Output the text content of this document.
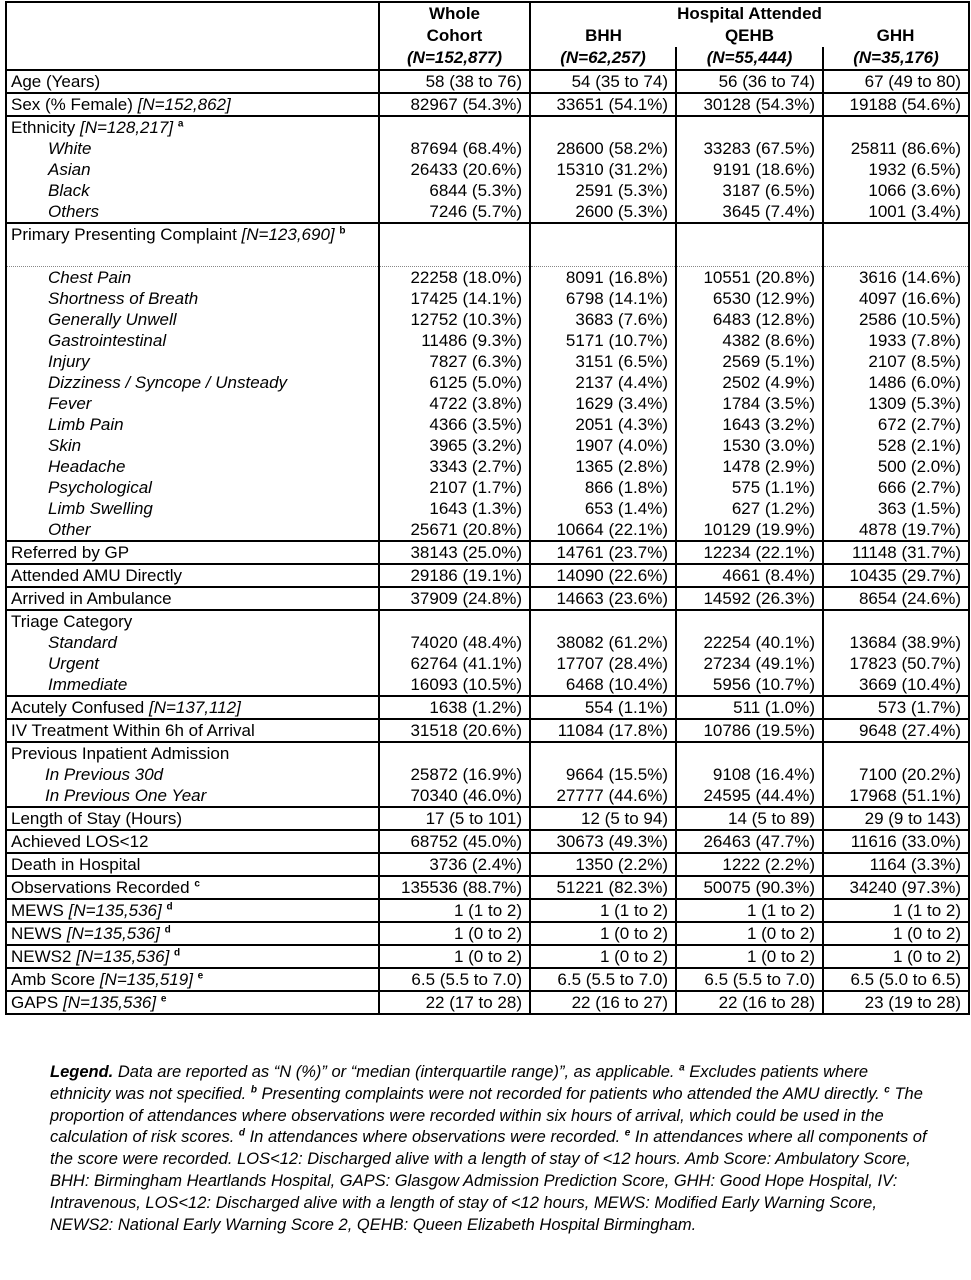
	Whole	Hospital Attended		
	Cohort	BHH	QEHB	GHH
	(N=152,877)	(N=62,257)	(N=55,444)	(N=35,176)
Age (Years)	58 (38 to 76)	54 (35 to 74)	56 (36 to 74)	67 (49 to 80)
Sex (% Female) [N=152,862]	82967 (54.3%)	33651 (54.1%)	30128 (54.3%)	19188 (54.6%)
Ethnicity [N=128,217] $^a$				
White	87694 (68.4%)	28600 (58.2%)	33283 (67.5%)	25811 (86.6%)
Asian	26433 (20.6%)	15310 (31.2%)	9191 (18.6%)	1932 (6.5%)
Black	6844 (5.3%)	2591 (5.3%)	3187 (6.5%)	1066 (3.6%)
Others	7246 (5.7%)	2600 (5.3%)	3645 (7.4%)	1001 (3.4%)
Primary Presenting Complaint [N=123,690] $^b$				
Chest Pain	22258 (18.0%)	8091 (16.8%)	10551 (20.8%)	3616 (14.6%)
Shortness of Breath	17425 (14.1%)	6798 (14.1%)	6530 (12.9%)	4097 (16.6%)
Generally Unwell	12752 (10.3%)	3683 (7.6%)	6483 (12.8%)	2586 (10.5%)
Gastrointestinal	11486 (9.3%)	5171 (10.7%)	4382 (8.6%)	1933 (7.8%)
Injury	7827 (6.3%)	3151 (6.5%)	2569 (5.1%)	2107 (8.5%)
Dizziness / Syncope / Unsteady	6125 (5.0%)	2137 (4.4%)	2502 (4.9%)	1486 (6.0%)
Fever	4722 (3.8%)	1629 (3.4%)	1784 (3.5%)	1309 (5.3%)
Limb Pain	4366 (3.5%)	2051 (4.3%)	1643 (3.2%)	672 (2.7%)
Skin	3965 (3.2%)	1907 (4.0%)	1530 (3.0%)	528 (2.1%)
Headache	3343 (2.7%)	1365 (2.8%)	1478 (2.9%)	500 (2.0%)
Psychological	2107 (1.7%)	866 (1.8%)	575 (1.1%)	666 (2.7%)
Limb Swelling	1643 (1.3%)	653 (1.4%)	627 (1.2%)	363 (1.5%)
Other	25671 (20.8%)	10664 (22.1%)	10129 (19.9%)	4878 (19.7%)
Referred by GP	38143 (25.0%)	14761 (23.7%)	12234 (22.1%)	11148 (31.7%)
Attended AMU Directly	29186 (19.1%)	14090 (22.6%)	4661 (8.4%)	10435 (29.7%)
Arrived in Ambulance	37909 (24.8%)	14663 (23.6%)	14592 (26.3%)	8654 (24.6%)
Triage Category				
Standard	74020 (48.4%)	38082 (61.2%)	22254 (40.1%)	13684 (38.9%)
Urgent	62764 (41.1%)	17707 (28.4%)	27234 (49.1%)	17823 (50.7%)
Immediate	16093 (10.5%)	6468 (10.4%)	5956 (10.7%)	3669 (10.4%)
Acutely Confused [N=137,112]	1638 (1.2%)	554 (1.1%)	511 (1.0%)	573 (1.7%)
IV Treatment Within 6h of Arrival	31518 (20.6%)	11084 (17.8%)	10786 (19.5%)	9648 (27.4%)
Previous Inpatient Admission				
In Previous 30d	25872 (16.9%)	9664 (15.5%)	9108 (16.4%)	7100 (20.2%)
In Previous One Year	70340 (46.0%)	27777 (44.6%)	24595 (44.4%)	17968 (51.1%)
Length of Stay (Hours)	17 (5 to 101)	12 (5 to 94)	14 (5 to 89)	29 (9 to 143)
Achieved LOS<12	68752 (45.0%)	30673 (49.3%)	26463 (47.7%)	11616 (33.0%)
Death in Hospital	3736 (2.4%)	1350 (2.2%)	1222 (2.2%)	1164 (3.3%)
Observations Recorded $^c$	135536 (88.7%)	51221 (82.3%)	50075 (90.3%)	34240 (97.3%)
MEWS [N=135,536] $^d$	1 (1 to 2)	1 (1 to 2)	1 (1 to 2)	1 (1 to 2)
NEWS [N=135,536] $^d$	1 (0 to 2)	1 (0 to 2)	1 (0 to 2)	1 (0 to 2)
NEWS2 [N=135,536] $^d$	1 (0 to 2)	1 (0 to 2)	1 (0 to 2)	1 (0 to 2)
Amb Score [N=135,519] $^e$	6.5 (5.5 to 7.0)	6.5 (5.5 to 7.0)	6.5 (5.5 to 7.0)	6.5 (5.0 to 6.5)
GAPS [N=135,536] $^e$	22 (17 to 28)	22 (16 to 27)	22 (16 to 28)	23 (19 to 28)
Legend. Data are reported as “N (%)” or “median (interquartile range)”, as applicable. $^a$ Excludes patients where ethnicity was not specified. $^b$ Presenting complaints were not recorded for patients who attended the AMU directly. $^c$ The proportion of attendances where observations were recorded within six hours of arrival, which could be used in the calculation of risk scores. $^d$ In attendances where observations were recorded. $^e$ In attendances where all components of the score were recorded. LOS<12: Discharged alive with a length of stay of <12 hours. Amb Score: Ambulatory Score, BHH: Birmingham Heartlands Hospital, GAPS: Glasgow Admission Prediction Score, GHH: Good Hope Hospital, IV: Intravenous, LOS<12: Discharged alive with a length of stay of <12 hours, MEWS: Modified Early Warning Score, NEWS2: National Early Warning Score 2, QEHB: Queen Elizabeth Hospital Birmingham.
